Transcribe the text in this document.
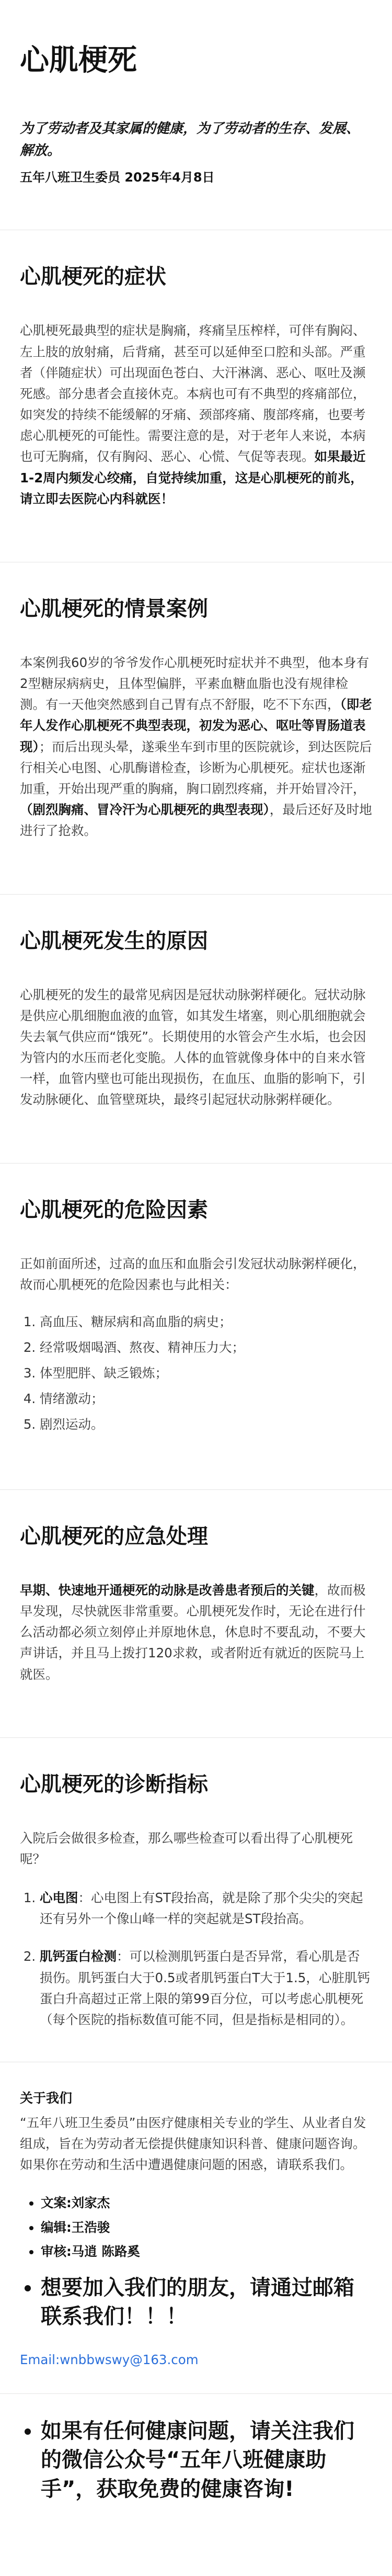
心肌梗死

为了劳动者及其家属的健康，为了劳动者的生存、发展、解放。

五年八班卫生委员 2025年4月8日

心肌梗死的症状

心肌梗死最典型的症状是胸痛，疼痛呈压榨样，可伴有胸闷、左上肢的放射痛，后背痛，甚至可以延伸至口腔和头部。严重者（伴随症状）可出现面色苍白、大汗淋漓、恶心、呕吐及濒死感。部分患者会直接休克。本病也可有不典型的疼痛部位，如突发的持续不能缓解的牙痛、颈部疼痛、腹部疼痛，也要考虑心肌梗死的可能性。需要注意的是，对于老年人来说，本病也可无胸痛，仅有胸闷、恶心、心慌、气促等表现。如果最近1-2周内频发心绞痛，自觉持续加重，这是心肌梗死的前兆，请立即去医院心内科就医！

心肌梗死的情景案例

本案例我60岁的爷爷发作心肌梗死时症状并不典型，他本身有2型糖尿病病史，且体型偏胖，平素血糖血脂也没有规律检测。有一天他突然感到自己胃有点不舒服，吃不下东西，（即老年人发作心肌梗死不典型表现，初发为恶心、呕吐等胃肠道表现）；而后出现头晕，遂乘坐车到市里的医院就诊，到达医院后行相关心电图、心肌酶谱检查，诊断为心肌梗死。症状也逐渐加重，开始出现严重的胸痛，胸口剧烈疼痛，并开始冒冷汗，（剧烈胸痛、冒冷汗为心肌梗死的典型表现），最后还好及时地进行了抢救。

心肌梗死发生的原因

心肌梗死的发生的最常见病因是冠状动脉粥样硬化。冠状动脉是供应心肌细胞血液的血管，如其发生堵塞，则心肌细胞就会失去氧气供应而“饿死”。长期使用的水管会产生水垢，也会因为管内的水压而老化变脆。人体的血管就像身体中的自来水管一样，血管内壁也可能出现损伤，在血压、血脂的影响下，引发动脉硬化、血管壁斑块，最终引起冠状动脉粥样硬化。

心肌梗死的危险因素

正如前面所述，过高的血压和血脂会引发冠状动脉粥样硬化，故而心肌梗死的危险因素也与此相关：

1. 高血压、糖尿病和高血脂的病史；
2. 经常吸烟喝酒、熬夜、精神压力大；
3. 体型肥胖、缺乏锻炼；
4. 情绪激动；
5. 剧烈运动。
心肌梗死的应急处理

早期、快速地开通梗死的动脉是改善患者预后的关键，故而极早发现，尽快就医非常重要。心肌梗死发作时，无论在进行什么活动都必须立刻停止并原地休息，休息时不要乱动，不要大声讲话，并且马上拨打120求救，或者附近有就近的医院马上就医。

心肌梗死的诊断指标

入院后会做很多检查，那么哪些检查可以看出得了心肌梗死呢？

1. 心电图：心电图上有ST段抬高，就是除了那个尖尖的突起还有另外一个像山峰一样的突起就是ST段抬高。
2. 肌钙蛋白检测：可以检测肌钙蛋白是否异常，看心肌是否损伤。肌钙蛋白大于0.5或者肌钙蛋白T大于1.5，心脏肌钙蛋白升高超过正常上限的第99百分位，可以考虑心肌梗死（每个医院的指标数值可能不同，但是指标是相同的）。

关于我们

“五年八班卫生委员”由医疗健康相关专业的学生、从业者自发组成，旨在为劳动者无偿提供健康知识科普、健康问题咨询。如果你在劳动和生活中遭遇健康问题的困惑，请联系我们。

• 文案:刘家杰
• 编辑:王浩骏
• 审核:马逍 陈路奚
• 想要加入我们的朋友，请通过邮箱联系我们！！！

Email:wnbbwswy@163.com

• 如果有任何健康问题，请关注我们的微信公众号“五年八班健康助手”，获取免费的健康咨询!
